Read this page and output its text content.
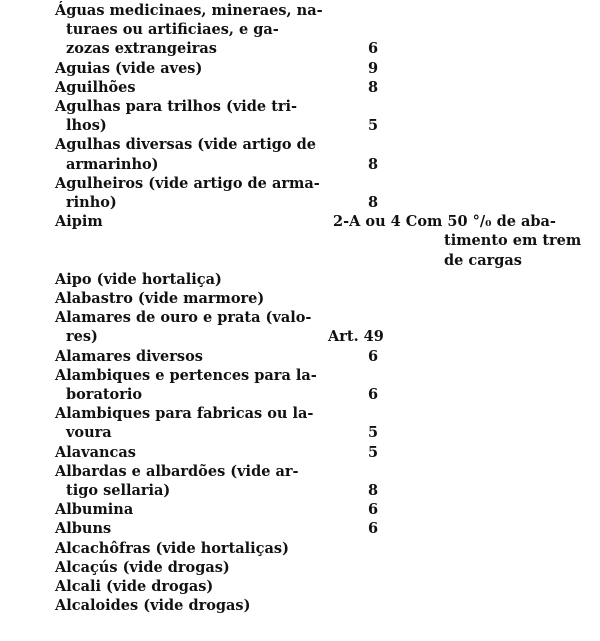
Águas medicinaes, mineraes, na-
turaes ou artificiaes, e ga-
zozas extrangeiras	6
Aguias (vide aves)	9
Aguilhões	8
Agulhas para trilhos (vide tri-
lhos)	5
Agulhas diversas (vide artigo de
armarinho)	8
Agulheiros (vide artigo de arma-
rinho)	8
Aipim	2-A ou 4 Com 50 °/₀ de aba-
timento em trem
de cargas
Aipo (vide hortaliça)
Alabastro (vide marmore)
Alamares de ouro e prata (valo-
res)	Art. 49
Alamares diversos	6
Alambiques e pertences para la-
boratorio	6
Alambiques para fabricas ou la-
voura	5
Alavancas	5
Albardas e albardões (vide ar-
tigo sellaria)	8
Albumina	6
Albuns	6
Alcachôfras (vide hortaliças)
Alcaçús (vide drogas)
Alcali (vide drogas)
Alcaloides (vide drogas)
